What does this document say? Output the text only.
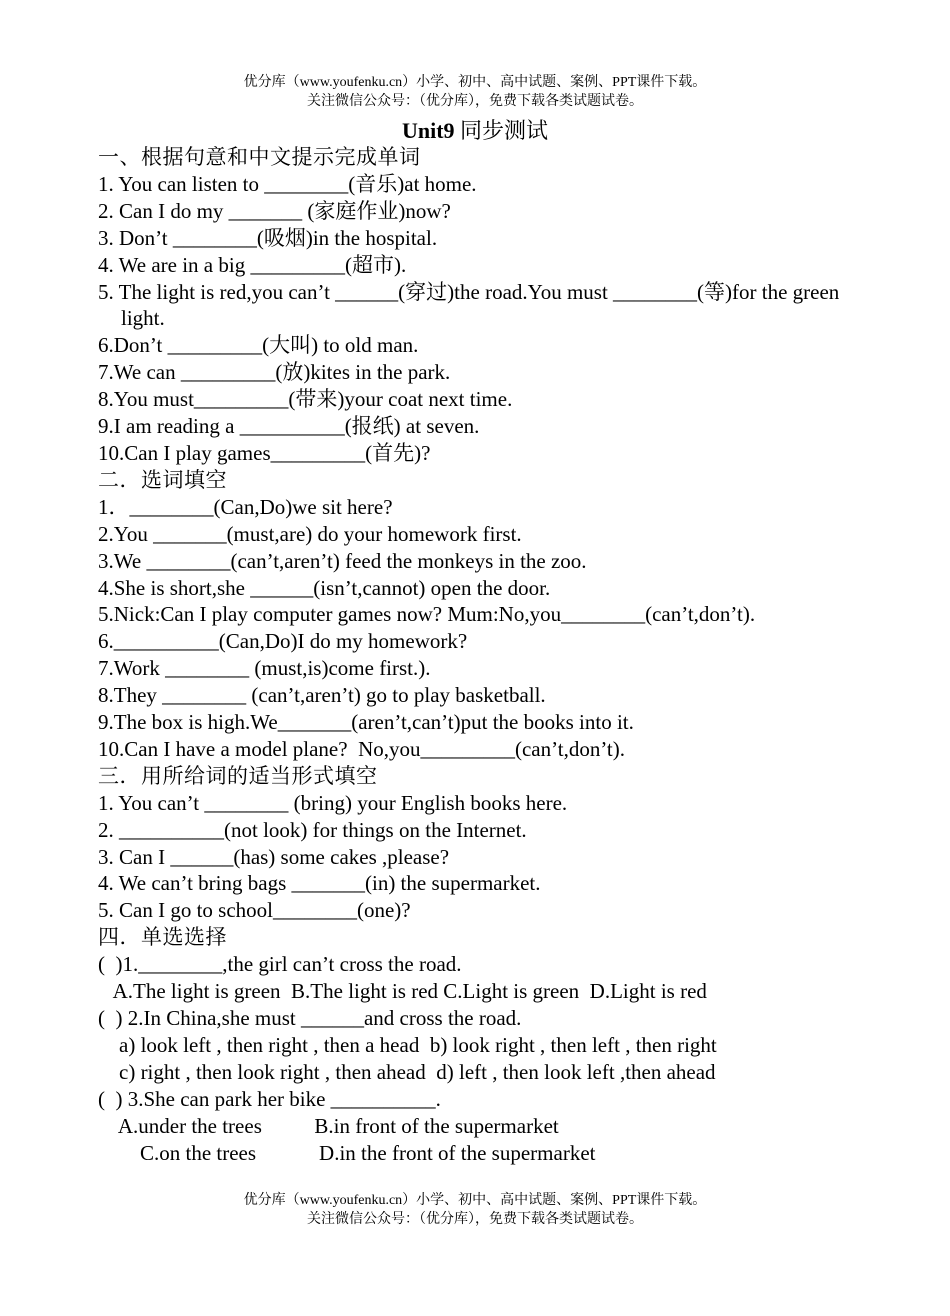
优分库（www.youfenku.cn）小学、初中、高中试题、案例、PPT课件下载。
关注微信公众号：（优分库），免费下载各类试题试卷。
Unit9 同步测试
一、根据句意和中文提示完成单词
1. You can listen to ________(音乐)at home.
2. Can I do my _______ (家庭作业)now?
3. Don’t ________(吸烟)in the hospital.
4. We are in a big _________(超市).
5. The light is red,you can’t ______(穿过)the road.You must ________(等)for the green light.
6.Don’t _________(大叫) to old man.
7.We can _________(放)kites in the park.
8.You must_________(带来)your coat next time.
9.I am reading a __________(报纸) at seven.
10.Can I play games_________(首先)?
二．选词填空
1．________(Can,Do)we sit here?
2.You _______(must,are) do your homework first.
3.We ________(can’t,aren’t) feed the monkeys in the zoo.
4.She is short,she ______(isn’t,cannot) open the door.
5.Nick:Can I play computer games now? Mum:No,you________(can’t,don’t).
6.__________(Can,Do)I do my homework?
7.Work ________ (must,is)come first.).
8.They ________ (can’t,aren’t) go to play basketball.
9.The box is high.We_______(aren’t,can’t)put the books into it.
10.Can I have a model plane?  No,you_________(can’t,don’t).
三．用所给词的适当形式填空
1. You can’t ________ (bring) your English books here.
2. __________(not look) for things on the Internet.
3. Can I ______(has) some cakes ,please?
4. We can’t bring bags _______(in) the supermarket.
5. Can I go to school________(one)?
四．单选选择
(  )1.________,the girl can’t cross the road.
A.The light is green  B.The light is red C.Light is green  D.Light is red
(  ) 2.In China,she must ______and cross the road.
a) look left , then right , then a head  b) look right , then left , then right
c) right , then look right , then ahead  d) left , then look left ,then ahead
(  ) 3.She can park her bike __________.
A.under the trees          B.in front of the supermarket
C.on the trees            D.in the front of the supermarket
优分库（www.youfenku.cn）小学、初中、高中试题、案例、PPT课件下载。
关注微信公众号：（优分库），免费下载各类试题试卷。
